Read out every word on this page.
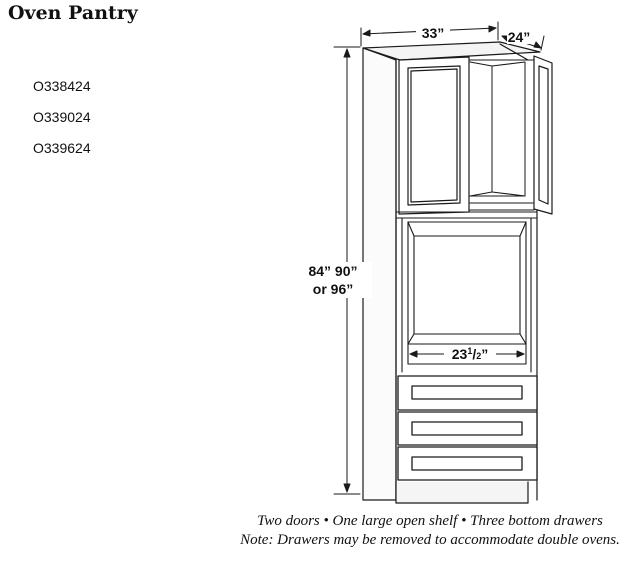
Oven Pantry
O338424
O339024
O339624
$23^1/2$”
33”	24”
84” 90”
or 96”
Two doors • One large open shelf • Three bottom drawers
Note: Drawers may be removed to accommodate double ovens.
